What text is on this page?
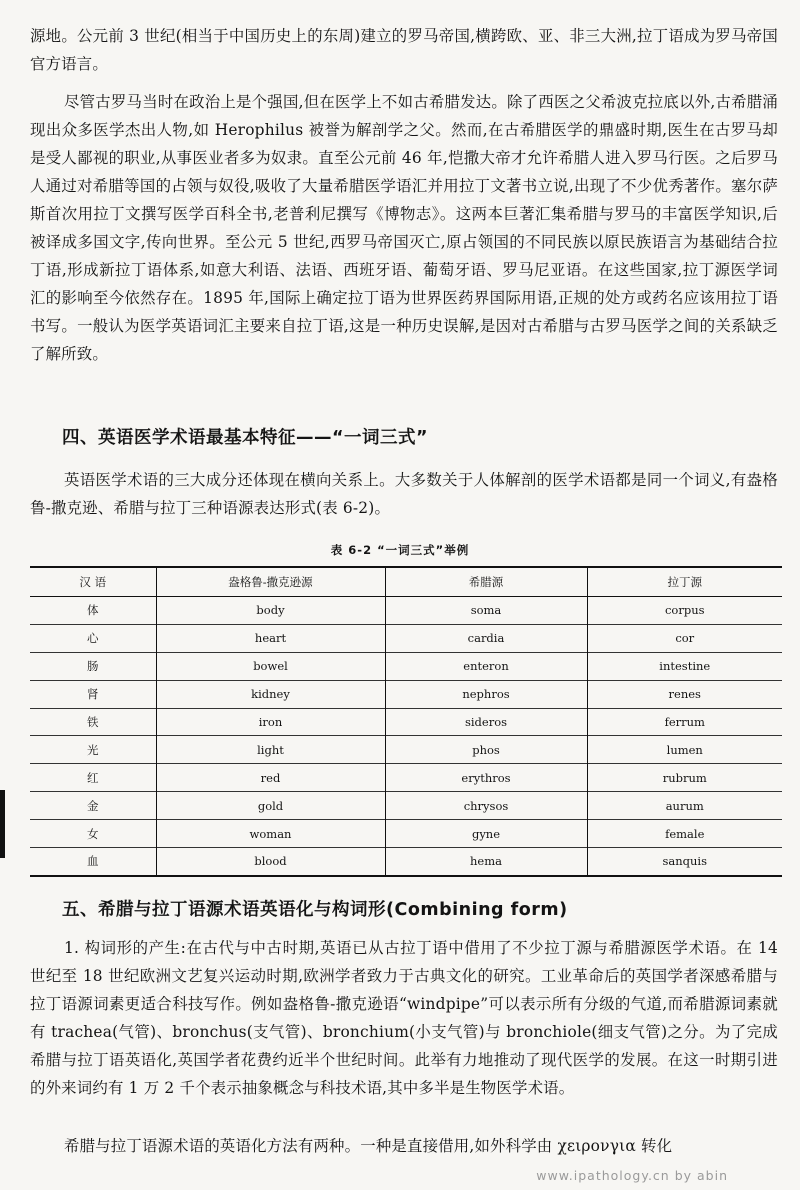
源地。公元前 3 世纪(相当于中国历史上的东周)建立的罗马帝国,横跨欧、亚、非三大洲,拉丁语成为罗马帝国官方语言。

尽管古罗马当时在政治上是个强国,但在医学上不如古希腊发达。除了西医之父希波克拉底以外,古希腊涌现出众多医学杰出人物,如 Herophilus 被誉为解剖学之父。然而,在古希腊医学的鼎盛时期,医生在古罗马却是受人鄙视的职业,从事医业者多为奴隶。直至公元前 46 年,恺撒大帝才允许希腊人进入罗马行医。之后罗马人通过对希腊等国的占领与奴役,吸收了大量希腊医学语汇并用拉丁文著书立说,出现了不少优秀著作。塞尔萨斯首次用拉丁文撰写医学百科全书,老普利尼撰写《博物志》。这两本巨著汇集希腊与罗马的丰富医学知识,后被译成多国文字,传向世界。至公元 5 世纪,西罗马帝国灭亡,原占领国的不同民族以原民族语言为基础结合拉丁语,形成新拉丁语体系,如意大利语、法语、西班牙语、葡萄牙语、罗马尼亚语。在这些国家,拉丁源医学词汇的影响至今依然存在。1895 年,国际上确定拉丁语为世界医药界国际用语,正规的处方或药名应该用拉丁语书写。一般认为医学英语词汇主要来自拉丁语,这是一种历史误解,是因对古希腊与古罗马医学之间的关系缺乏了解所致。

四、英语医学术语最基本特征——“一词三式”

英语医学术语的三大成分还体现在横向关系上。大多数关于人体解剖的医学术语都是同一个词义,有盎格鲁-撒克逊、希腊与拉丁三种语源表达形式(表 6-2)。

表 6-2 “一词三式”举例
汉 语	盎格鲁-撒克逊源	希腊源	拉丁源
体	body	soma	corpus
心	heart	cardia	cor
肠	bowel	enteron	intestine
肾	kidney	nephros	renes
铁	iron	sideros	ferrum
光	light	phos	lumen
红	red	erythros	rubrum
金	gold	chrysos	aurum
女	woman	gyne	female
血	blood	hema	sanquis
五、希腊与拉丁语源术语英语化与构词形(Combining form)

1. 构词形的产生:在古代与中古时期,英语已从古拉丁语中借用了不少拉丁源与希腊源医学术语。在 14 世纪至 18 世纪欧洲文艺复兴运动时期,欧洲学者致力于古典文化的研究。工业革命后的英国学者深感希腊与拉丁语源词素更适合科技写作。例如盎格鲁-撒克逊语“windpipe”可以表示所有分级的气道,而希腊源词素就有 trachea(气管)、bronchus(支气管)、bronchium(小支气管)与 bronchiole(细支气管)之分。为了完成希腊与拉丁语英语化,英国学者花费约近半个世纪时间。此举有力地推动了现代医学的发展。在这一时期引进的外来词约有 1 万 2 千个表示抽象概念与科技术语,其中多半是生物医学术语。

希腊与拉丁语源术语的英语化方法有两种。一种是直接借用,如外科学由 χειρονγια 转化

www.ipathology.cn by abin
